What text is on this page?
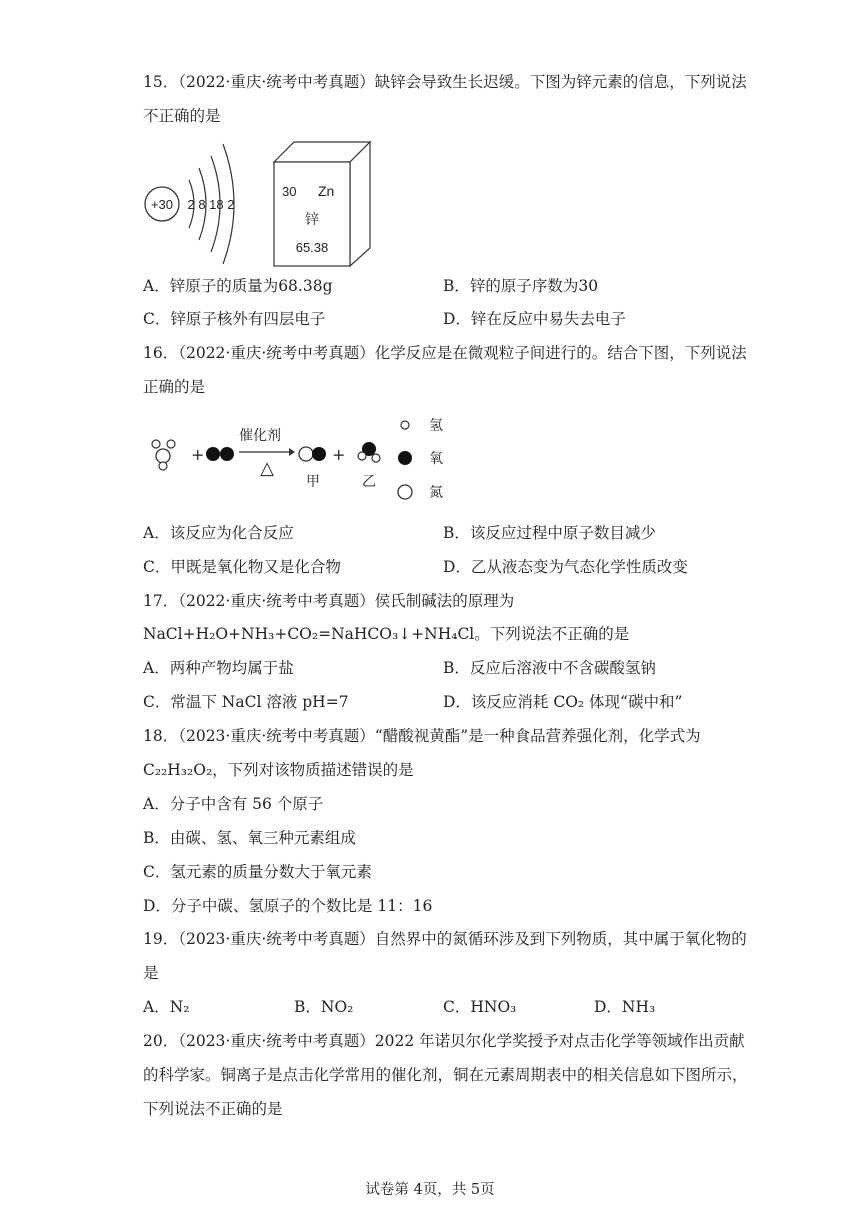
15．（2022·重庆·统考中考真题）缺锌会导致生长迟缓。下图为锌元素的信息，下列说法
不正确的是
+30 2 8 18 2
30 Zn
锌
65.38
A．锌原子的质量为68.38g	B．锌的原子序数为30
C．锌原子核外有四层电子	D．锌在反应中易失去电子
16．（2022·重庆·统考中考真题）化学反应是在微观粒子间进行的。结合下图，下列说法
正确的是
+
催化剂
△
甲
+
乙
氢
氧
氮
A．该反应为化合反应	B．该反应过程中原子数目减少
C．甲既是氧化物又是化合物	D．乙从液态变为气态化学性质改变
17．（2022·重庆·统考中考真题）侯氏制碱法的原理为
NaCl+H₂O+NH₃+CO₂=NaHCO₃↓+NH₄Cl。下列说法不正确的是
A．两种产物均属于盐	B．反应后溶液中不含碳酸氢钠
C．常温下 NaCl 溶液 pH=7	D．该反应消耗 CO₂ 体现“碳中和”
18．（2023·重庆·统考中考真题）“醋酸视黄酯”是一种食品营养强化剂，化学式为
C₂₂H₃₂O₂，下列对该物质描述错误的是
A．分子中含有 56 个原子
B．由碳、氢、氧三种元素组成
C．氢元素的质量分数大于氧元素
D．分子中碳、氢原子的个数比是 11：16
19．（2023·重庆·统考中考真题）自然界中的氮循环涉及到下列物质，其中属于氧化物的
是
A．N₂	B．NO₂	C．HNO₃	D．NH₃
20．（2023·重庆·统考中考真题）2022 年诺贝尔化学奖授予对点击化学等领域作出贡献
的科学家。铜离子是点击化学常用的催化剂，铜在元素周期表中的相关信息如下图所示，
下列说法不正确的是
试卷第 4页，共 5页
